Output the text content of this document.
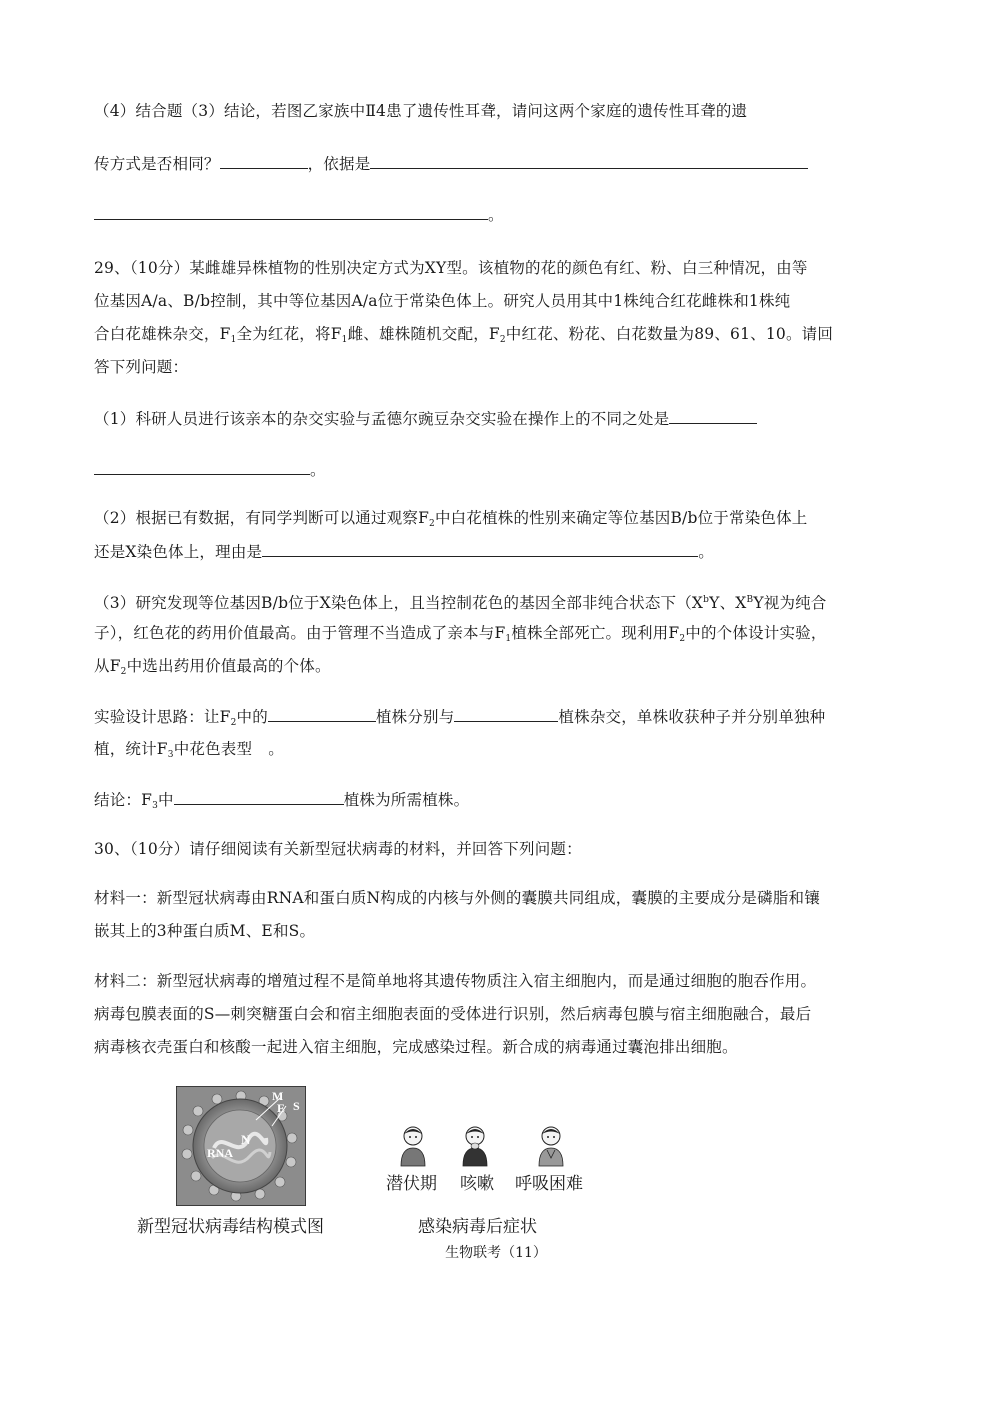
（4）结合题（3）结论，若图乙家族中Ⅱ4患了遗传性耳聋，请问这两个家庭的遗传性耳聋的遗
传方式是否相同？	，依据是
。
29、（10分）某雌雄异株植物的性别决定方式为XY型。该植物的花的颜色有红、粉、白三种情况，由等
位基因A/a、B/b控制，其中等位基因A/a位于常染色体上。研究人员用其中1株纯合红花雌株和1株纯
合白花雄株杂交，$F_1$全为红花，将$F_1$雌、雄株随机交配，$F_2$中红花、粉花、白花数量为89、61、10。请回
答下列问题：
（1）科研人员进行该亲本的杂交实验与孟德尔豌豆杂交实验在操作上的不同之处是
。
（2）根据已有数据，有同学判断可以通过观察$F_2$中白花植株的性别来确定等位基因B/b位于常染色体上
还是X染色体上，理由是	。
（3）研究发现等位基因B/b位于X染色体上，且当控制花色的基因全部非纯合状态下（$X^bY$、$X^BY$视为纯合
子），红色花的药用价值最高。由于管理不当造成了亲本与$F_1$植株全部死亡。现利用$F_2$中的个体设计实验，
从$F_2$中选出药用价值最高的个体。
实验设计思路：让$F_2$中的	植株分别与	植株杂交，单株收获种子并分别单独种
植，统计$F_3$中花色表型 。
结论：$F_3$中	植株为所需植株。
30、（10分）请仔细阅读有关新型冠状病毒的材料，并回答下列问题：
材料一：新型冠状病毒由RNA和蛋白质N构成的内核与外侧的囊膜共同组成，囊膜的主要成分是磷脂和镶
嵌其上的3种蛋白质M、E和S。
材料二：新型冠状病毒的增殖过程不是简单地将其遗传物质注入宿主细胞内，而是通过细胞的胞吞作用。
病毒包膜表面的S—刺突糖蛋白会和宿主细胞表面的受体进行识别，然后病毒包膜与宿主细胞融合，最后
病毒核衣壳蛋白和核酸一起进入宿主细胞，完成感染过程。新合成的病毒通过囊泡排出细胞。
M
E S
N
RNA
新型冠状病毒结构模式图
潜伏期 咳嗽 呼吸困难
感染病毒后症状
生物联考（11）
